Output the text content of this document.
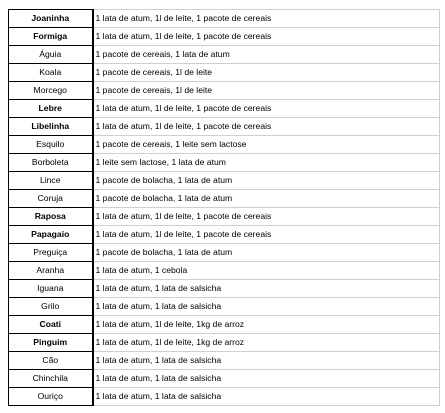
Joaninha	1 lata de atum, 1l de leite, 1 pacote de cereais
Formiga	1 lata de atum, 1l de leite, 1 pacote de cereais
Águia	1 pacote de cereais, 1 lata de atum
Koala	1 pacote de cereais, 1l de leite
Morcego	1 pacote de cereais, 1l de leite
Lebre	1 lata de atum, 1l de leite, 1 pacote de cereais
Libelinha	1 lata de atum, 1l de leite, 1 pacote de cereais
Esquilo	1 pacote de cereais, 1 leite sem lactose
Borboleta	1 leite sem lactose, 1 lata de atum
Lince	1 pacote de bolacha, 1 lata de atum
Coruja	1 pacote de bolacha, 1 lata de atum
Raposa	1 lata de atum, 1l de leite, 1 pacote de cereais
Papagaio	1 lata de atum, 1l de leite, 1 pacote de cereais
Preguiça	1 pacote de bolacha, 1 lata de atum
Aranha	1 lata de atum, 1 cebola
Iguana	1 lata de atum, 1 lata de salsicha
Grilo	1 lata de atum, 1 lata de salsicha
Coati	1 lata de atum, 1l de leite, 1kg de arroz
Pinguim	1 lata de atum, 1l de leite, 1kg de arroz
Cão	1 lata de atum, 1 lata de salsicha
Chinchila	1 lata de atum, 1 lata de salsicha
Ouriço	1 lata de atum, 1 lata de salsicha
